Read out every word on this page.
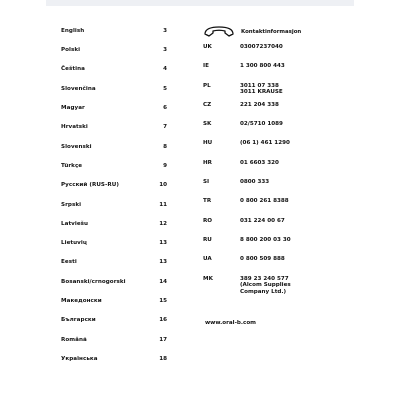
English	3
Polski	3
Čeština	4
Slovenčina	5
Magyar	6
Hrvatski	7
Slovenski	8
Türkçe	9
Русский (RUS-RU)	10
Srpski	11
Latviešu	12
Lietuvių	13
Eesti	13
Bosanski/crnogorski	14
Македонски	15
Български	16
Română	17
Українська	18
Kontaktinformasjon
UK	03007237040
IE	1 300 800 443
PL	3011 07 338
3011 KRAUSE
CZ	221 204 338
SK	02/5710 1089
HU	(06 1) 461 1290
HR	01 6603 320
SI	0800 333
TR	0 800 261 8388
RO	031 224 00 67
RU	8 800 200 03 30
UA	0 800 509 888
MK	389 23 240 577
(Alcom Supplies
Company Ltd.)
www.oral-b.com
